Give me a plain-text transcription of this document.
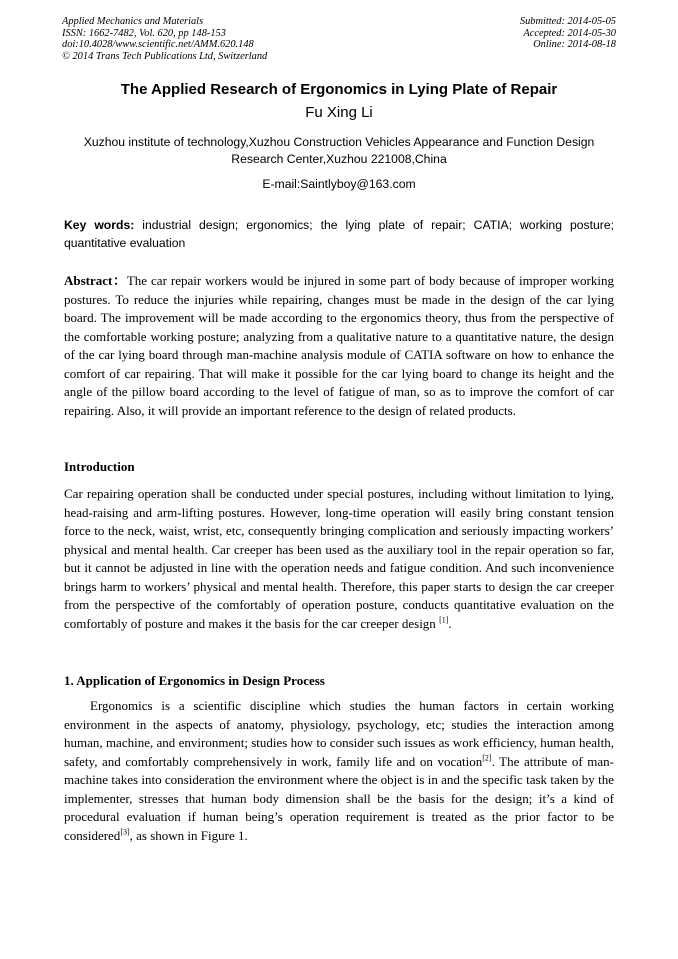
Applied Mechanics and Materials
ISSN: 1662-7482, Vol. 620, pp 148-153
doi:10.4028/www.scientific.net/AMM.620.148
© 2014 Trans Tech Publications Ltd, Switzerland
Submitted: 2014-05-05
Accepted: 2014-05-30
Online: 2014-08-18
The Applied Research of Ergonomics in Lying Plate of Repair
Fu Xing Li
Xuzhou institute of technology,Xuzhou Construction Vehicles Appearance and Function Design Research Center,Xuzhou 221008,China
E-mail:Saintlyboy@163.com
Key words: industrial design; ergonomics; the lying plate of repair; CATIA; working posture; quantitative evaluation
Abstract：The car repair workers would be injured in some part of body because of improper working postures. To reduce the injuries while repairing, changes must be made in the design of the car lying board. The improvement will be made according to the ergonomics theory, thus from the perspective of the comfortable working posture; analyzing from a qualitative nature to a quantitative nature, the design of the car lying board through man-machine analysis module of CATIA software on how to enhance the comfort of car repairing. That will make it possible for the car lying board to change its height and the angle of the pillow board according to the level of fatigue of man, so as to improve the comfort of car repairing. Also, it will provide an important reference to the design of related products.
Introduction
Car repairing operation shall be conducted under special postures, including without limitation to lying, head-raising and arm-lifting postures. However, long-time operation will easily bring constant tension force to the neck, waist, wrist, etc, consequently bringing complication and seriously impacting workers’ physical and mental health. Car creeper has been used as the auxiliary tool in the repair operation so far, but it cannot be adjusted in line with the operation needs and fatigue condition. And such inconvenience brings harm to workers’ physical and mental health. Therefore, this paper starts to design the car creeper from the perspective of the comfortably of operation posture, conducts quantitative evaluation on the comfortably of posture and makes it the basis for the car creeper design [1].
1. Application of Ergonomics in Design Process
Ergonomics is a scientific discipline which studies the human factors in certain working environment in the aspects of anatomy, physiology, psychology, etc; studies the interaction among human, machine, and environment; studies how to consider such issues as work efficiency, human health, safety, and comfortably comprehensively in work, family life and on vocation[2]. The attribute of man-machine takes into consideration the environment where the object is in and the specific task taken by the implementer, stresses that human body dimension shall be the basis for the design; it’s a kind of procedural evaluation if human being’s operation requirement is treated as the prior factor to be considered[3], as shown in Figure 1.
